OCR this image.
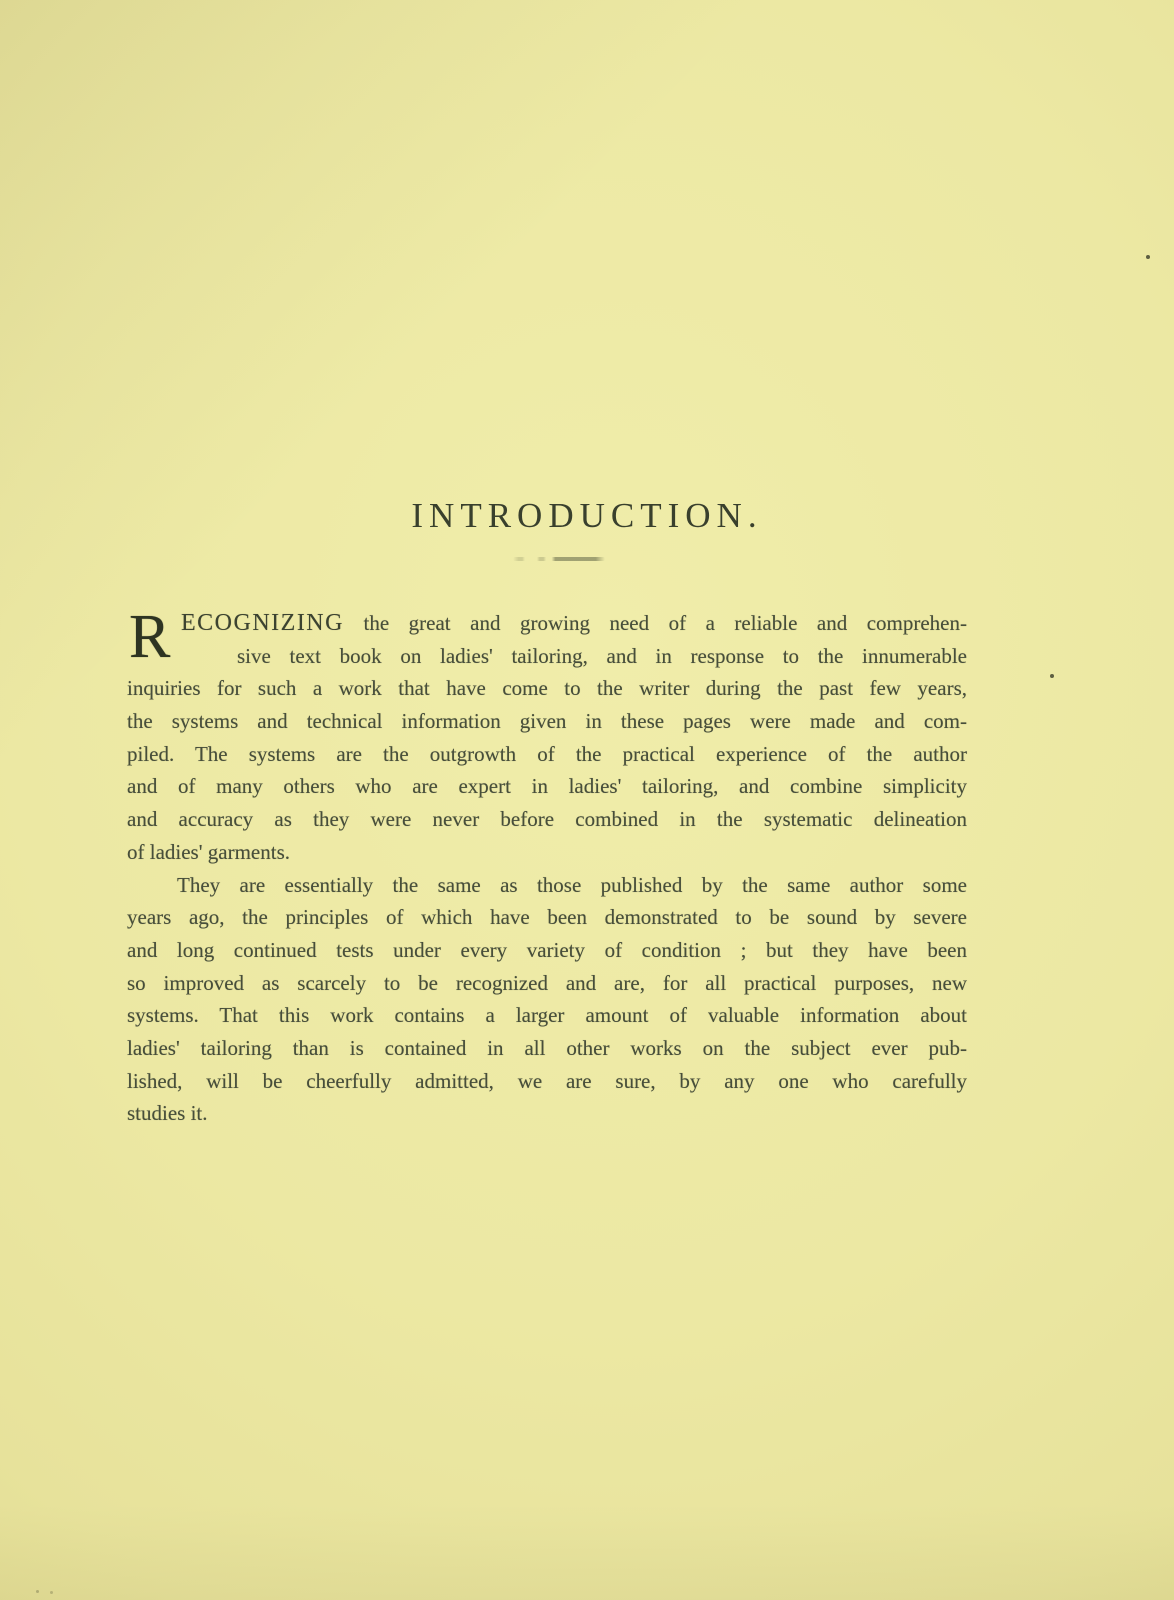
INTRODUCTION.
R ECOGNIZING the great and growing need of a reliable and comprehen-
sive text book on ladies' tailoring, and in response to the innumerable
inquiries for such a work that have come to the writer during the past few years,
the systems and technical information given in these pages were made and com-
piled. The systems are the outgrowth of the practical experience of the author
and of many others who are expert in ladies' tailoring, and combine simplicity
and accuracy as they were never before combined in the systematic delineation
of ladies' garments.
They are essentially the same as those published by the same author some
years ago, the principles of which have been demonstrated to be sound by severe
and long continued tests under every variety of condition ; but they have been
so improved as scarcely to be recognized and are, for all practical purposes, new
systems. That this work contains a larger amount of valuable information about
ladies' tailoring than is contained in all other works on the subject ever pub-
lished, will be cheerfully admitted, we are sure, by any one who carefully
studies it.
